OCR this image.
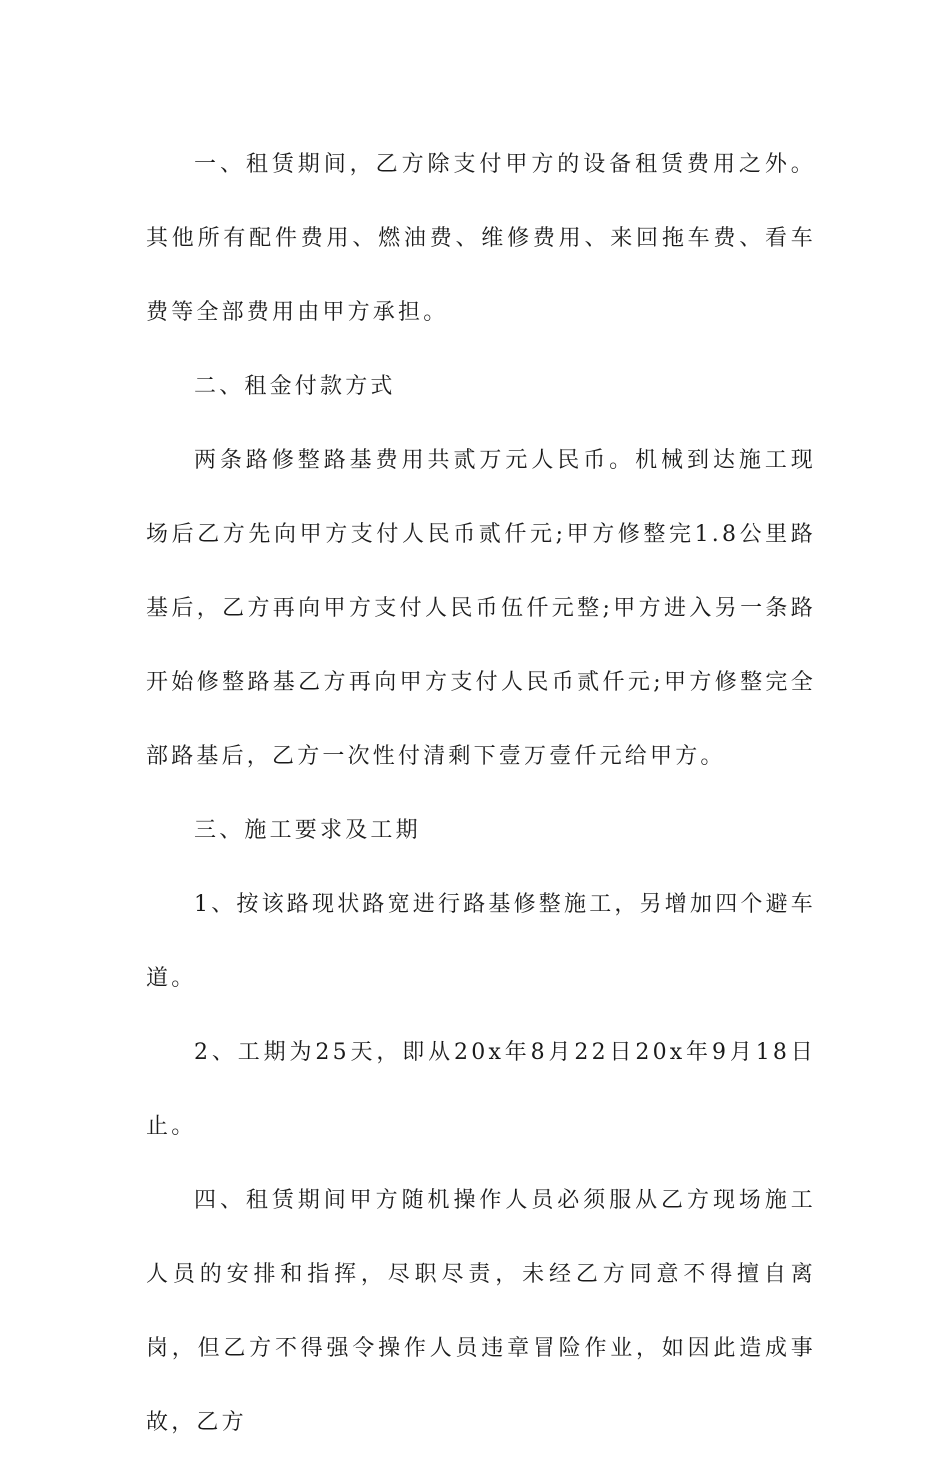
一、租赁期间，乙方除支付甲方的设备租赁费用之外。其他所有配件费用、燃油费、维修费用、来回拖车费、看车费等全部费用由甲方承担。

二、租金付款方式

两条路修整路基费用共贰万元人民币。机械到达施工现场后乙方先向甲方支付人民币贰仟元;甲方修整完1.8公里路基后，乙方再向甲方支付人民币伍仟元整;甲方进入另一条路开始修整路基乙方再向甲方支付人民币贰仟元;甲方修整完全部路基后，乙方一次性付清剩下壹万壹仟元给甲方。

三、施工要求及工期

1、按该路现状路宽进行路基修整施工，另增加四个避车道。

2、工期为25天，即从20x年8月22日20x年9月18日止。

四、租赁期间甲方随机操作人员必须服从乙方现场施工人员的安排和指挥，尽职尽责，未经乙方同意不得擅自离岗，但乙方不得强令操作人员违章冒险作业，如因此造成事故，乙方
